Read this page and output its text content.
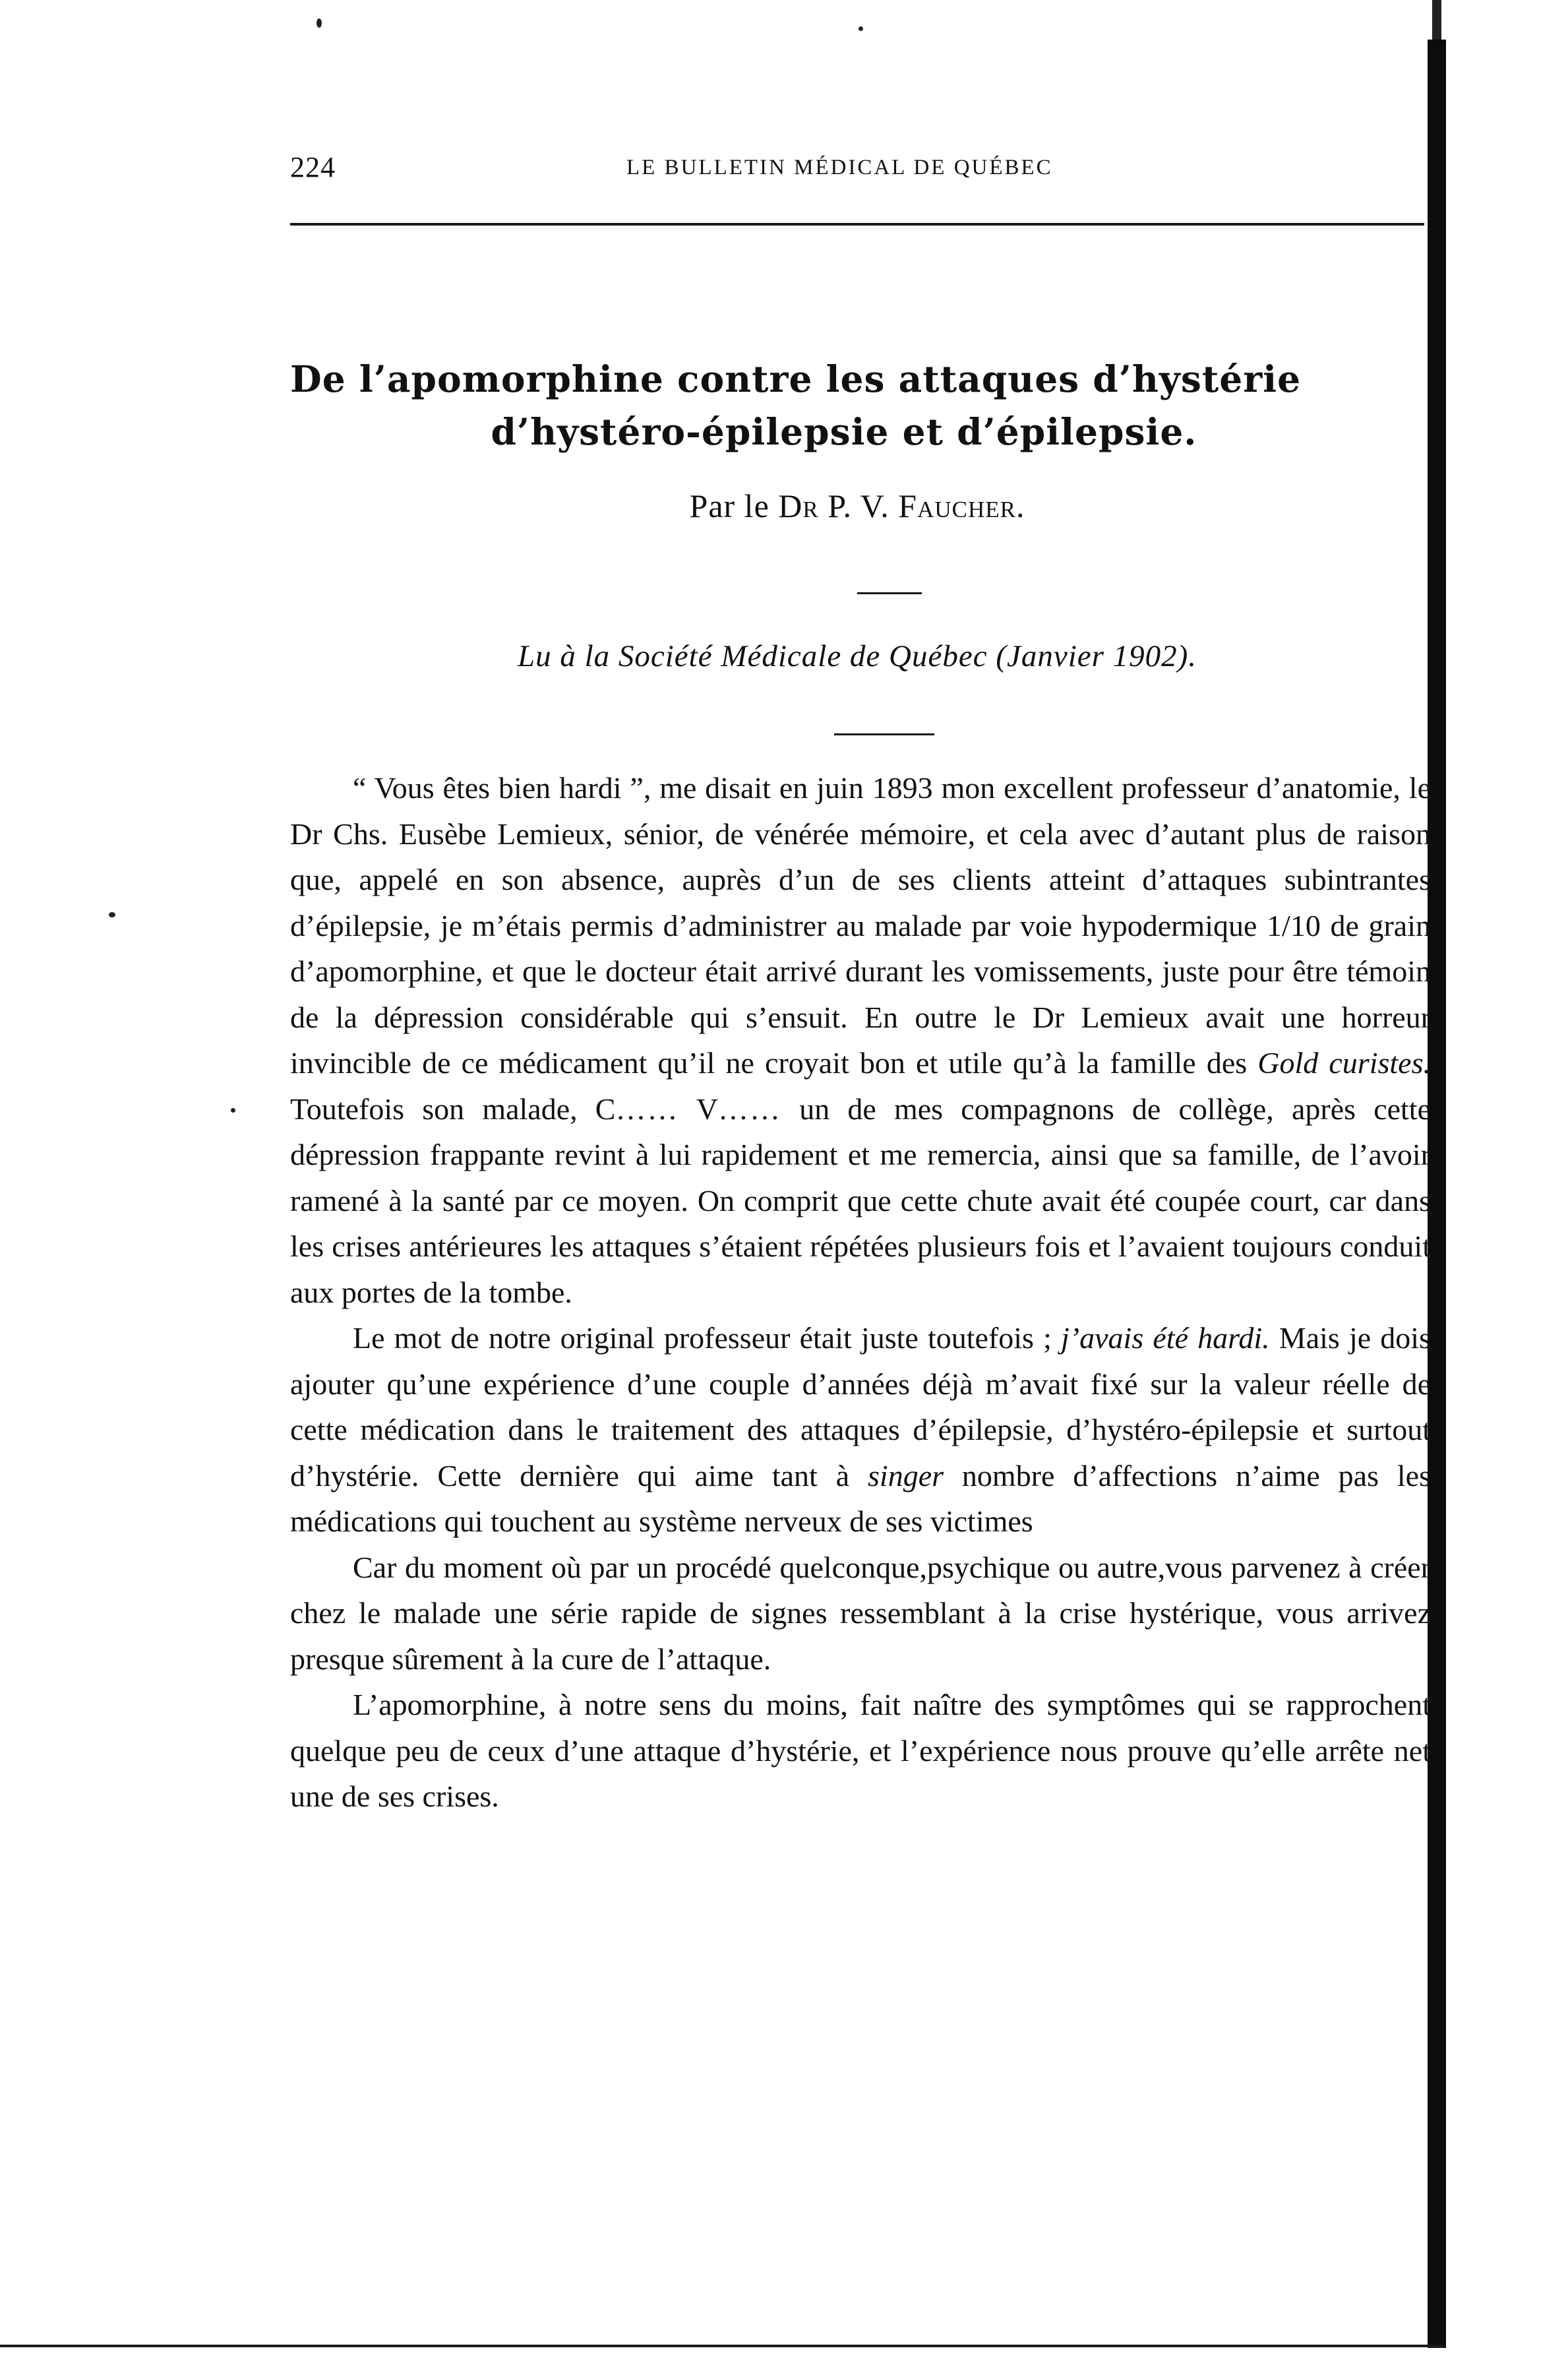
224	LE BULLETIN MÉDICAL DE QUÉBEC
De l’apomorphine contre les attaques d’hystérie
d’hystéro-épilepsie et d’épilepsie.
Par le Dr P. V. Faucher.
Lu à la Société Médicale de Québec (Janvier 1902).

“ Vous êtes bien hardi ”, me disait en juin 1893 mon excellent professeur d’anatomie, le Dr Chs. Eusèbe Lemieux, sénior, de vénérée mémoire, et cela avec d’autant plus de raison que, appelé en son absence, auprès d’un de ses clients atteint d’attaques subintrantes d’épilepsie, je m’étais permis d’administrer au malade par voie hypodermique 1/10 de grain d’apomorphine, et que le docteur était arrivé durant les vomissements, juste pour être témoin de la dépression considérable qui s’ensuit. En outre le Dr Lemieux avait une horreur invincible de ce médicament qu’il ne croyait bon et utile qu’à la famille des Gold curistes. Toutefois son malade, C…… V…… un de mes compagnons de collège, après cette dépression frappante revint à lui rapidement et me remercia, ainsi que sa famille, de l’avoir ramené à la santé par ce moyen. On comprit que cette chute avait été coupée court, car dans les crises antérieures les attaques s’étaient répétées plusieurs fois et l’avaient toujours conduit aux portes de la tombe.

Le mot de notre original professeur était juste toutefois ; j’avais été hardi. Mais je dois ajouter qu’une expérience d’une couple d’années déjà m’avait fixé sur la valeur réelle de cette médication dans le traitement des attaques d’épilepsie, d’hystéro-épilepsie et surtout d’hystérie. Cette dernière qui aime tant à singer nombre d’affections n’aime pas les médications qui touchent au système nerveux de ses victimes

Car du moment où par un procédé quelconque,psychique ou autre,vous parvenez à créer chez le malade une série rapide de signes ressemblant à la crise hystérique, vous arrivez presque sûrement à la cure de l’attaque.

L’apomorphine, à notre sens du moins, fait naître des symptômes qui se rapprochent quelque peu de ceux d’une attaque d’hystérie, et l’expérience nous prouve qu’elle arrête net une de ses crises.
